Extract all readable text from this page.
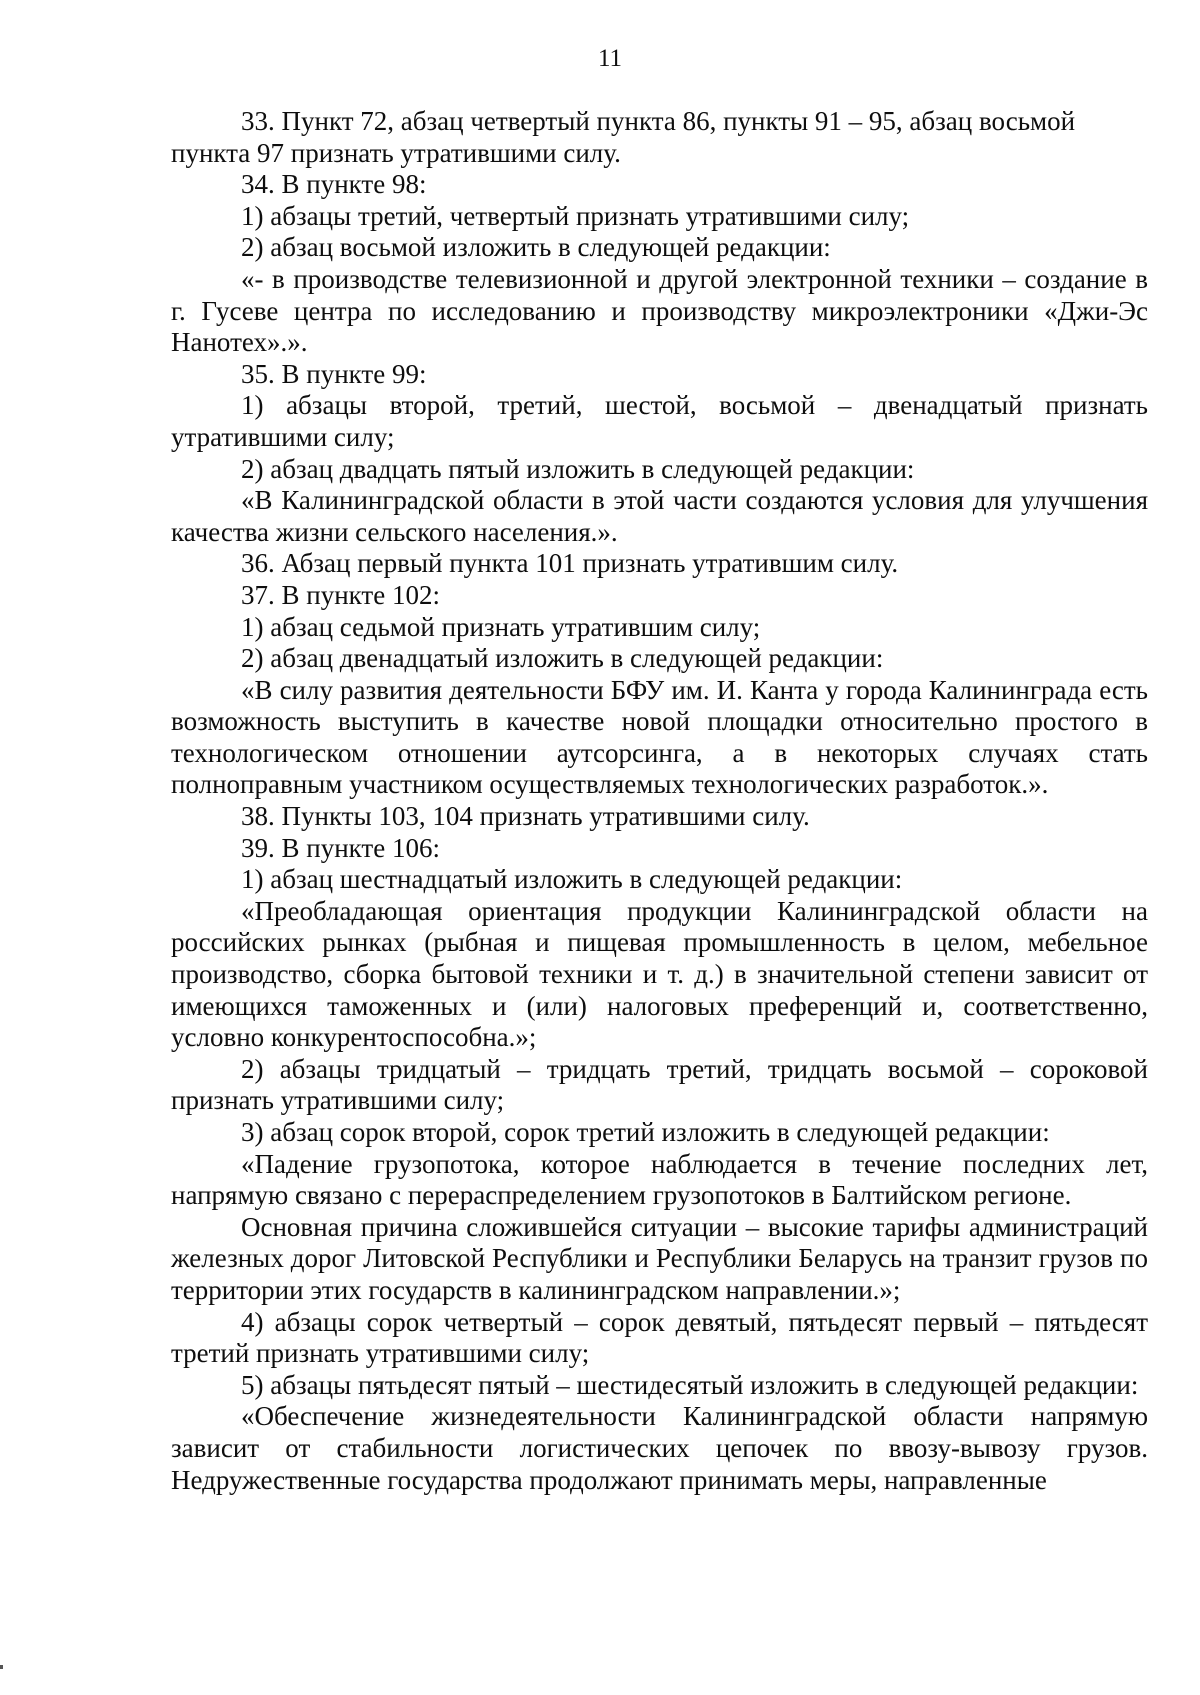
11

33. Пункт 72, абзац четвертый пункта 86, пункты 91 – 95, абзац восьмой пункта 97 признать утратившими силу.

34. В пункте 98:

1) абзацы третий, четвертый признать утратившими силу;

2) абзац восьмой изложить в следующей редакции:

«- в производстве телевизионной и другой электронной техники – создание в г. Гусеве центра по исследованию и производству микроэлектроники «Джи-Эс Нанотех».».

35. В пункте 99:

1) абзацы второй, третий, шестой, восьмой – двенадцатый признать утратившими силу;

2) абзац двадцать пятый изложить в следующей редакции:

«В Калининградской области в этой части создаются условия для улучшения качества жизни сельского населения.».

36. Абзац первый пункта 101 признать утратившим силу.

37. В пункте 102:

1) абзац седьмой признать утратившим силу;

2) абзац двенадцатый изложить в следующей редакции:

«В силу развития деятельности БФУ им. И. Канта у города Калининграда есть возможность выступить в качестве новой площадки относительно простого в технологическом отношении аутсорсинга, а в некоторых случаях стать полноправным участником осуществляемых технологических разработок.».

38. Пункты 103, 104 признать утратившими силу.

39. В пункте 106:

1) абзац шестнадцатый изложить в следующей редакции:

«Преобладающая ориентация продукции Калининградской области на российских рынках (рыбная и пищевая промышленность в целом, мебельное производство, сборка бытовой техники и т. д.) в значительной степени зависит от имеющихся таможенных и (или) налоговых преференций и, соответственно, условно конкурентоспособна.»;

2) абзацы тридцатый – тридцать третий, тридцать восьмой – сороковой признать утратившими силу;

3) абзац сорок второй, сорок третий изложить в следующей редакции:

«Падение грузопотока, которое наблюдается в течение последних лет, напрямую связано с перераспределением грузопотоков в Балтийском регионе.

Основная причина сложившейся ситуации – высокие тарифы администраций железных дорог Литовской Республики и Республики Беларусь на транзит грузов по территории этих государств в калининградском направлении.»;

4) абзацы сорок четвертый – сорок девятый, пятьдесят первый – пятьдесят третий признать утратившими силу;

5) абзацы пятьдесят пятый – шестидесятый изложить в следующей редакции:

«Обеспечение жизнедеятельности Калининградской области напрямую зависит от стабильности логистических цепочек по ввозу-вывозу грузов. Недружественные государства продолжают принимать меры, направленные
